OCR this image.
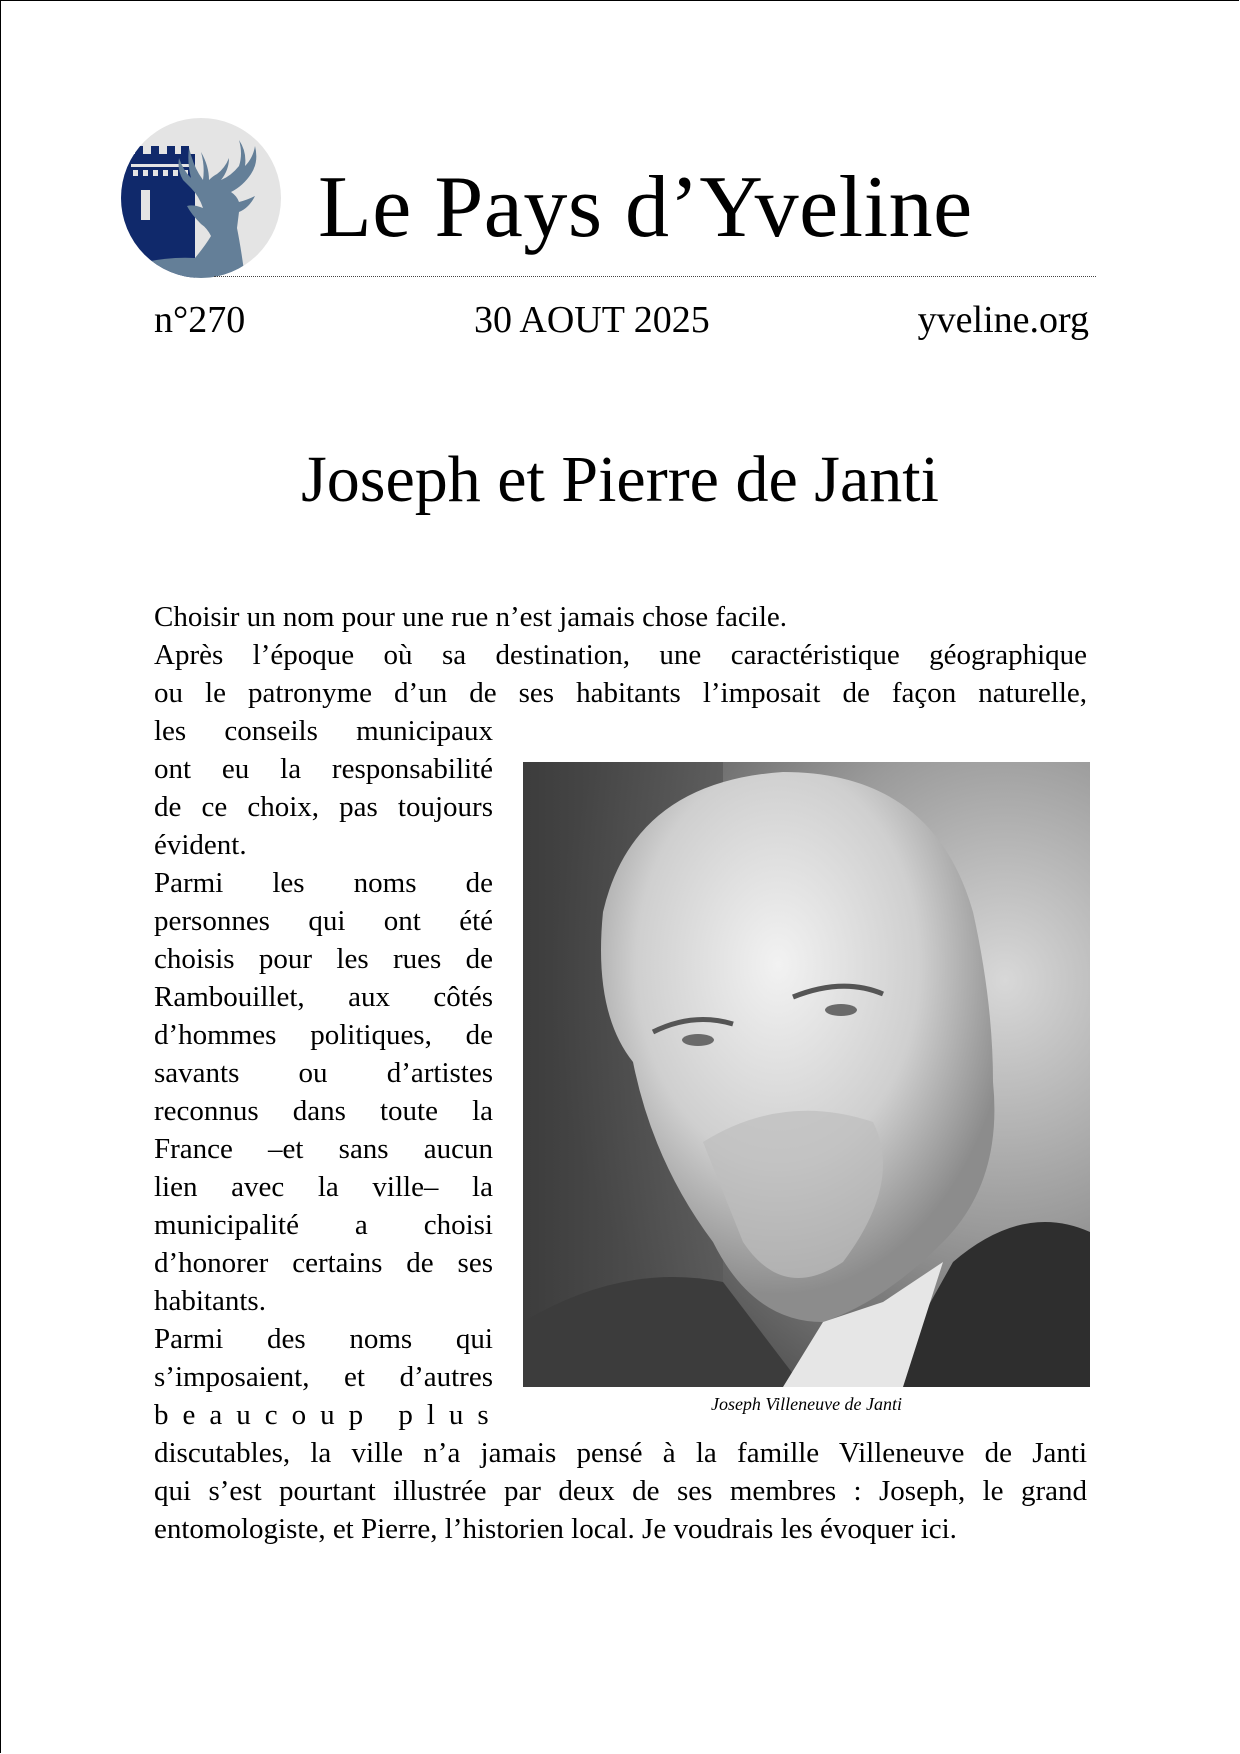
Le Pays d’Yveline
n°270	30 AOUT 2025	yveline.org
Joseph et Pierre de Janti
Choisir un nom pour une rue n’est jamais chose facile.
Après l’époque où sa destination, une caractéristique géographique
ou le patronyme d’un de ses habitants l’imposait de façon naturelle,
les conseils municipaux
ont eu la responsabilité
de ce choix, pas toujours
évident.
Parmi les noms de
personnes qui ont été
choisis pour les rues de
Rambouillet, aux côtés
d’hommes politiques, de
savants ou d’artistes
reconnus dans toute la
France –et sans aucun
lien avec la ville– la
municipalité a choisi
d’honorer certains de ses
habitants.
Parmi des noms qui
s’imposaient, et d’autres
beaucoup plus
discutables, la ville n’a jamais pensé à la famille Villeneuve de Janti
qui s’est pourtant illustrée par deux de ses membres : Joseph, le grand
entomologiste, et Pierre, l’historien local. Je voudrais les évoquer ici.
Joseph Villeneuve de Janti
